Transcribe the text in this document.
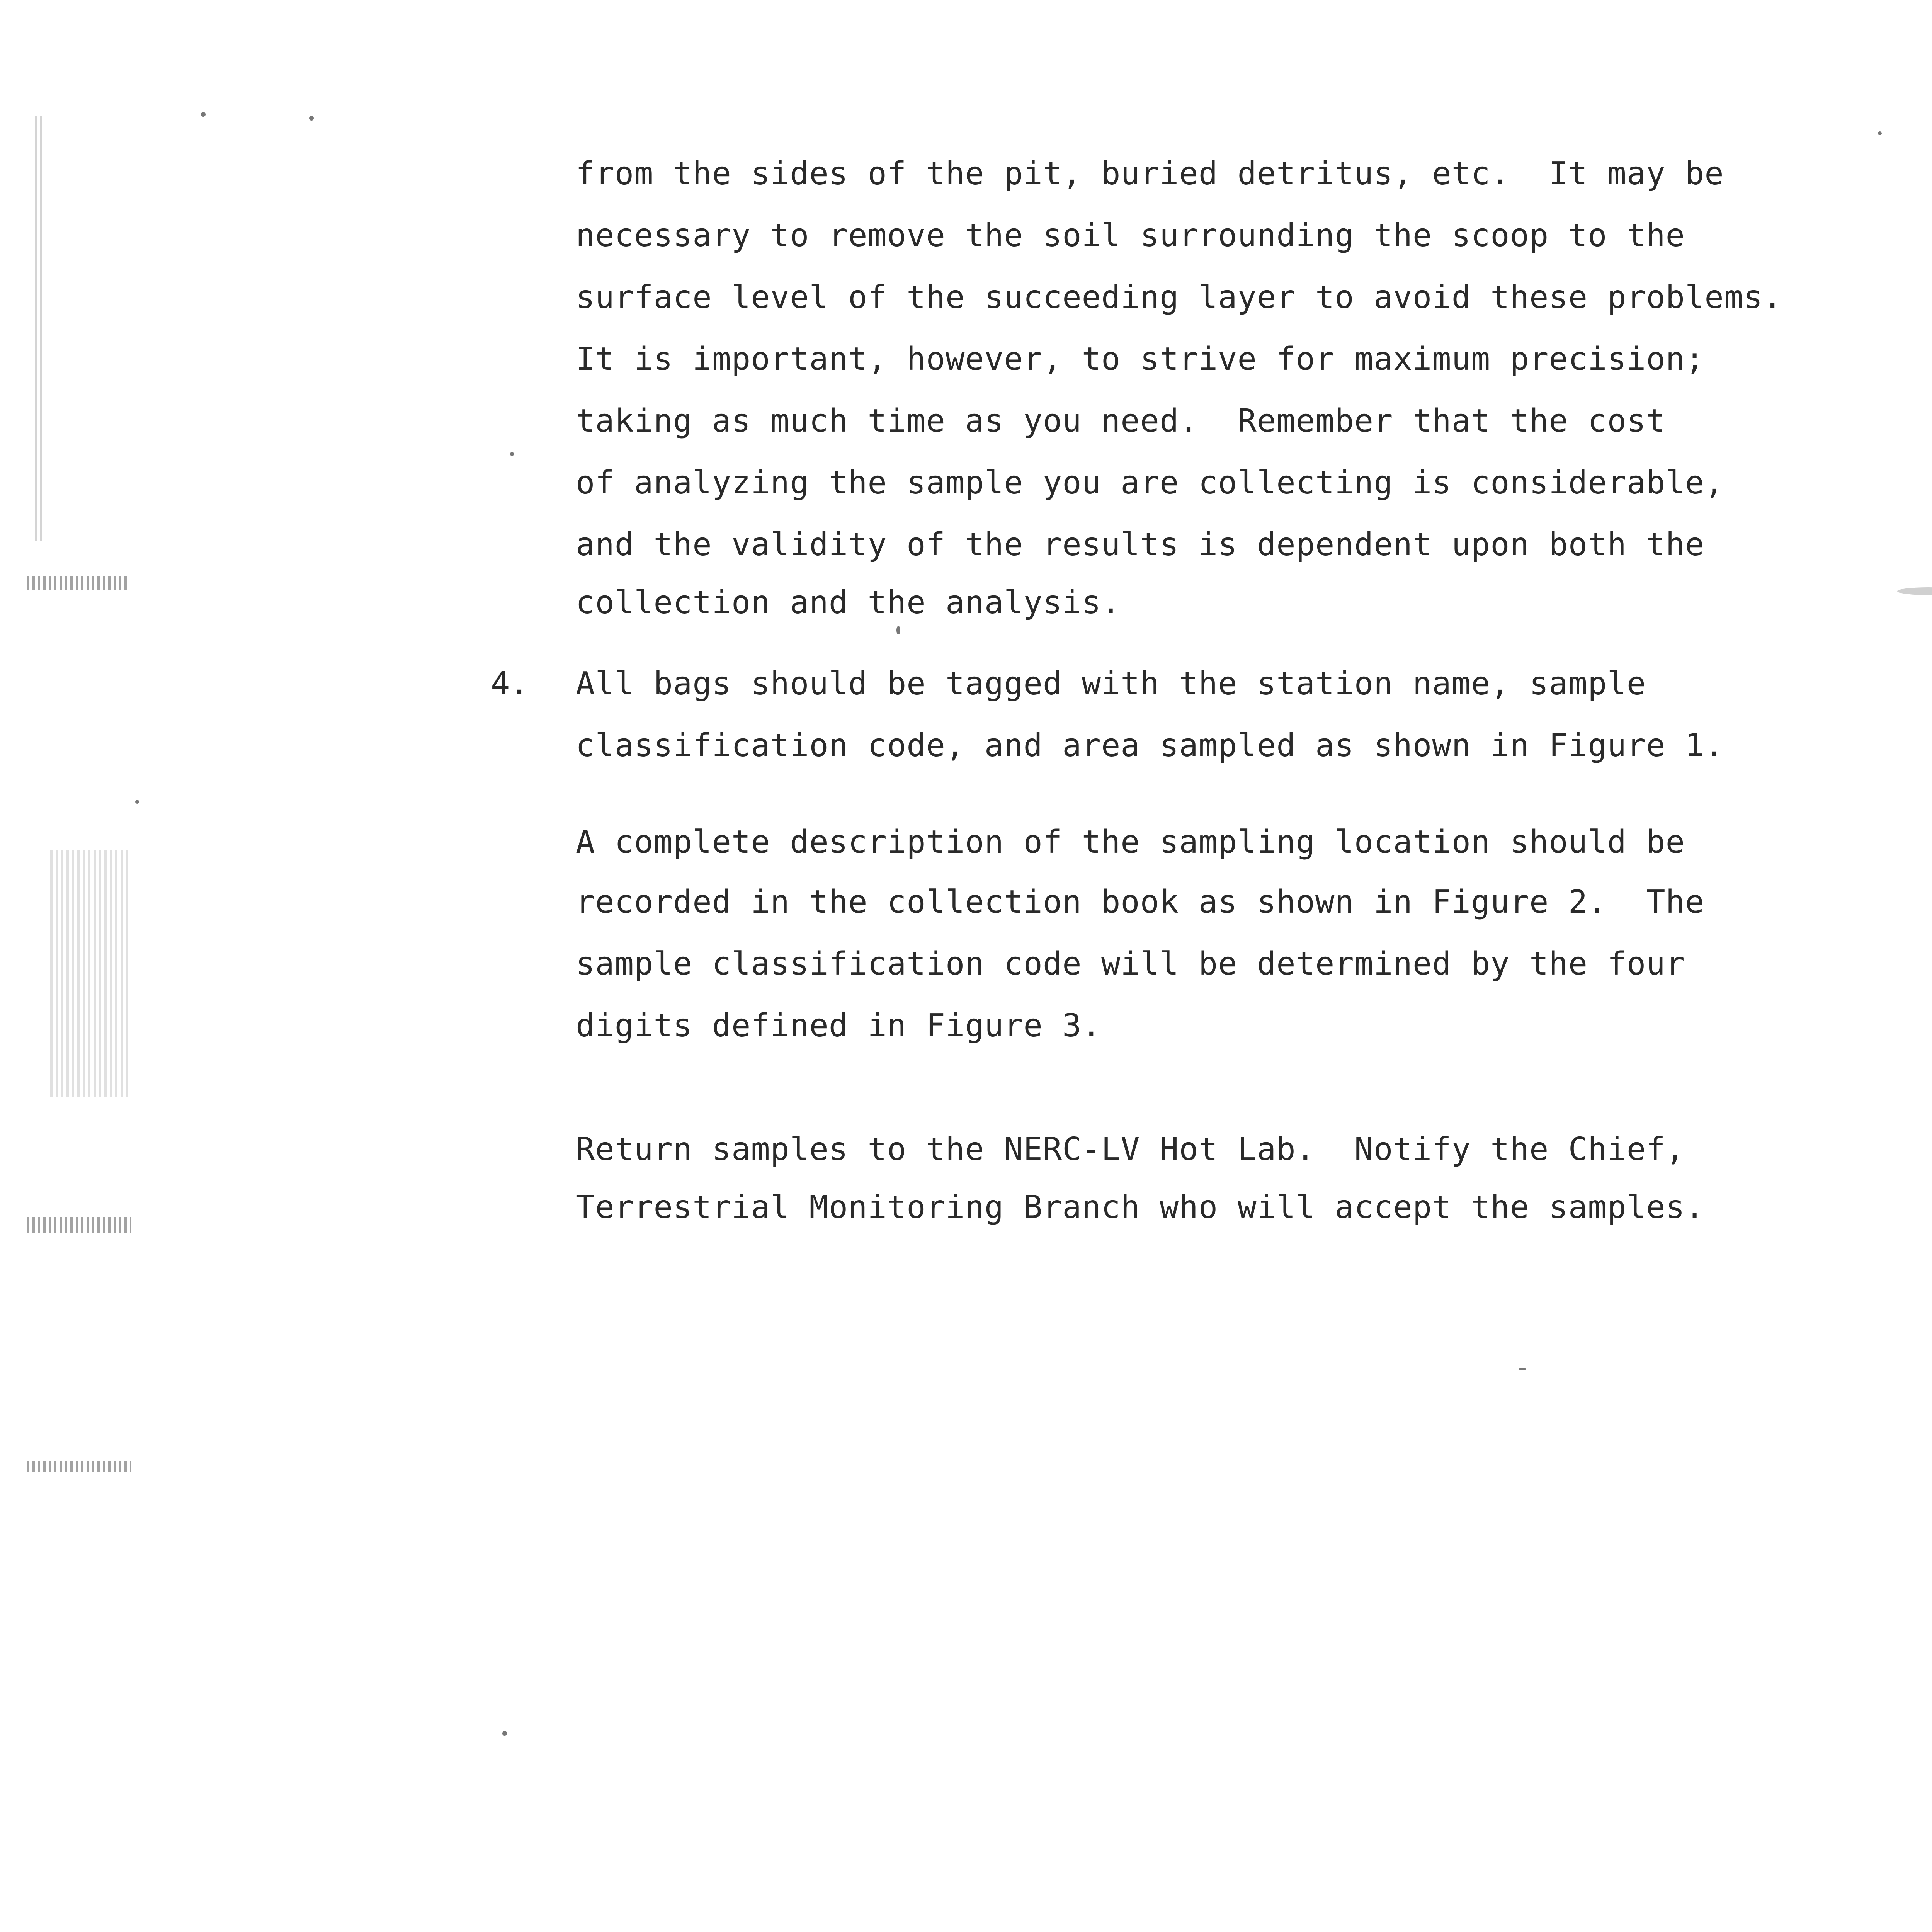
from the sides of the pit, buried detritus, etc.  It may be
necessary to remove the soil surrounding the scoop to the
surface level of the succeeding layer to avoid these problems.
It is important, however, to strive for maximum precision;
taking as much time as you need.  Remember that the cost
of analyzing the sample you are collecting is considerable,
and the validity of the results is dependent upon both the
collection and the analysis.
4. All bags should be tagged with the station name, sample
classification code, and area sampled as shown in Figure 1.
A complete description of the sampling location should be
recorded in the collection book as shown in Figure 2.  The
sample classification code will be determined by the four
digits defined in Figure 3.
Return samples to the NERC-LV Hot Lab.  Notify the Chief,
Terrestrial Monitoring Branch who will accept the samples.
